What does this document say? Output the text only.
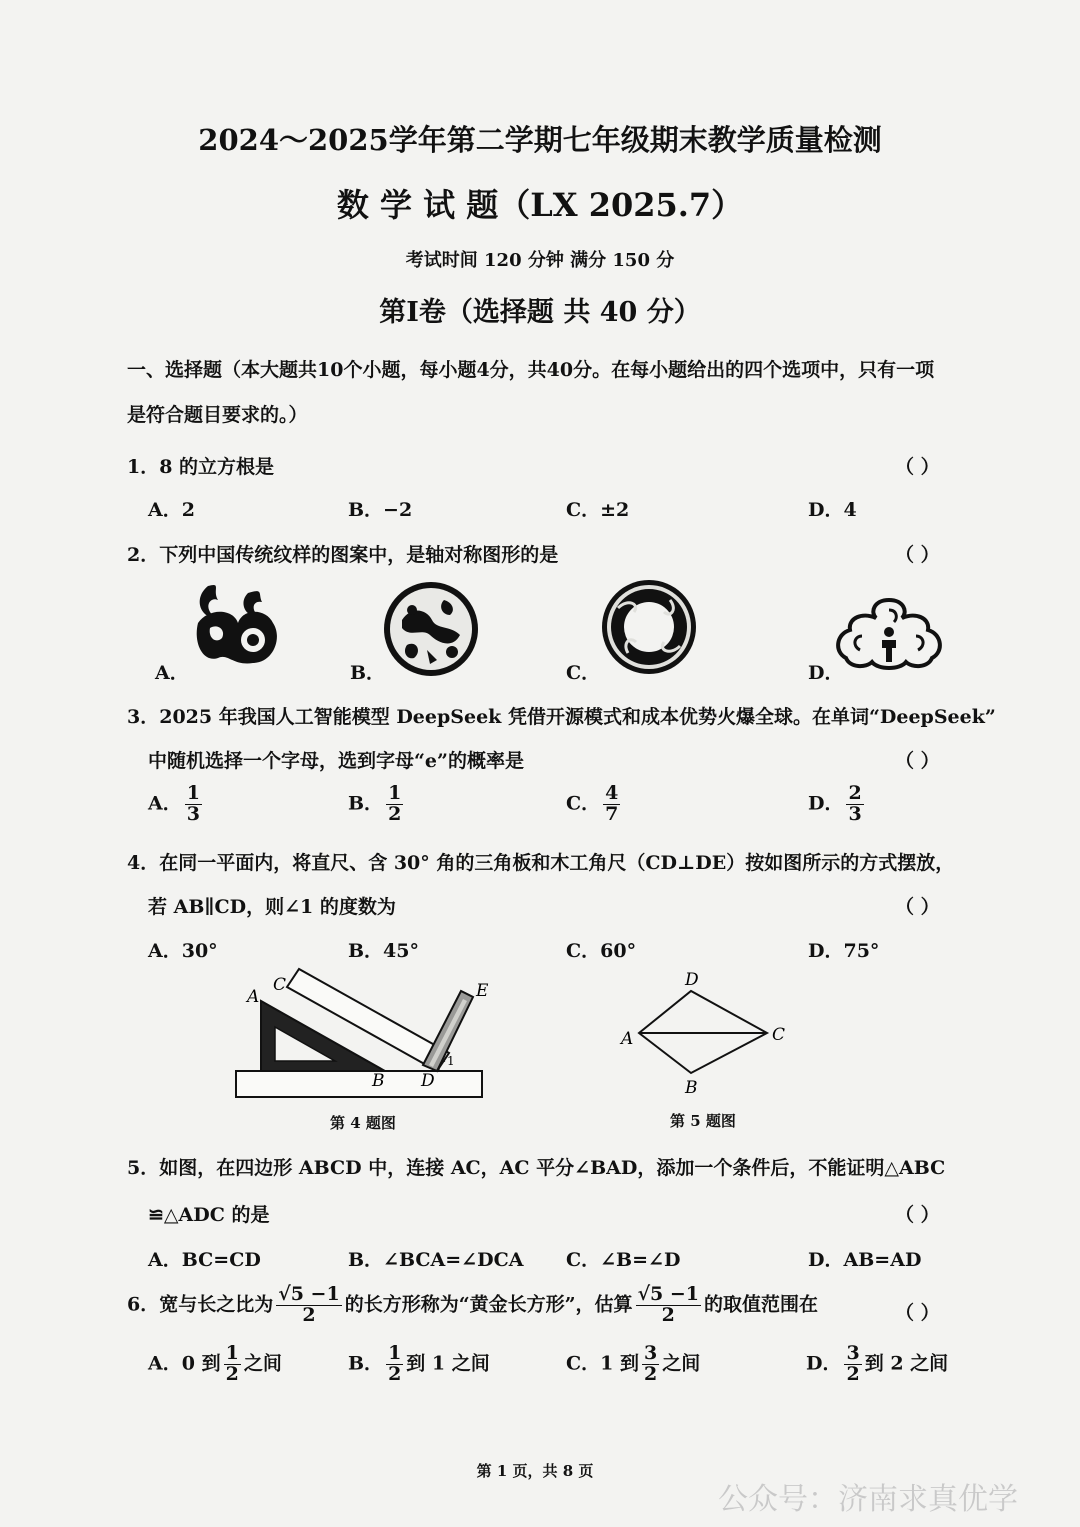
2024～2025学年第二学期七年级期末教学质量检测
数 学 试 题（LX 2025.7）
考试时间 120 分钟 满分 150 分
第Ⅰ卷（选择题 共 40 分）
一、选择题（本大题共10个小题，每小题4分，共40分。在每小题给出的四个选项中，只有一项
是符合题目要求的。）
1．8 的立方根是	（ ）
A．2	B．−2	C．±2	D．4
2．下列中国传统纹样的图案中，是轴对称图形的是	（ ）
A．	B．	C．	D．
3．2025 年我国人工智能模型 DeepSeek 凭借开源模式和成本优势火爆全球。在单词“DeepSeek”
中随机选择一个字母，选到字母“e”的概率是	（ ）
A． $\frac{1}{3}$	B． $\frac{1}{2}$	C． $\frac{4}{7}$	D． $\frac{2}{3}$
4．在同一平面内，将直尺、含 30° 角的三角板和木工角尺（CD⊥DE）按如图所示的方式摆放，
若 AB∥CD，则∠1 的度数为	（ ）
A．30°	B．45°	C．60°	D．75°
A
C	E
B D
1
第 4 题图
D
A	C
B
第 5 题图
5．如图，在四边形 ABCD 中，连接 AC，AC 平分∠BAD，添加一个条件后，不能证明△ABC
≌△ADC 的是	（ ）
A．BC=CD	B．∠BCA=∠DCA C．∠B=∠D	D．AB=AD
6．宽与长之比为 $\frac{√5 -1}{2}$ 的长方形称为“黄金长方形”，估算 $\frac{√5 -1}{2}$ 的取值范围在	（ ）
A．0 到 $\frac{1}{2}$ 之间	B． $\frac{1}{2}$ 到 1 之间	C．1 到 $\frac{3}{2}$ 之间	D． $\frac{3}{2}$ 到 2 之间
第 1 页，共 8 页
公众号：济南求真优学
